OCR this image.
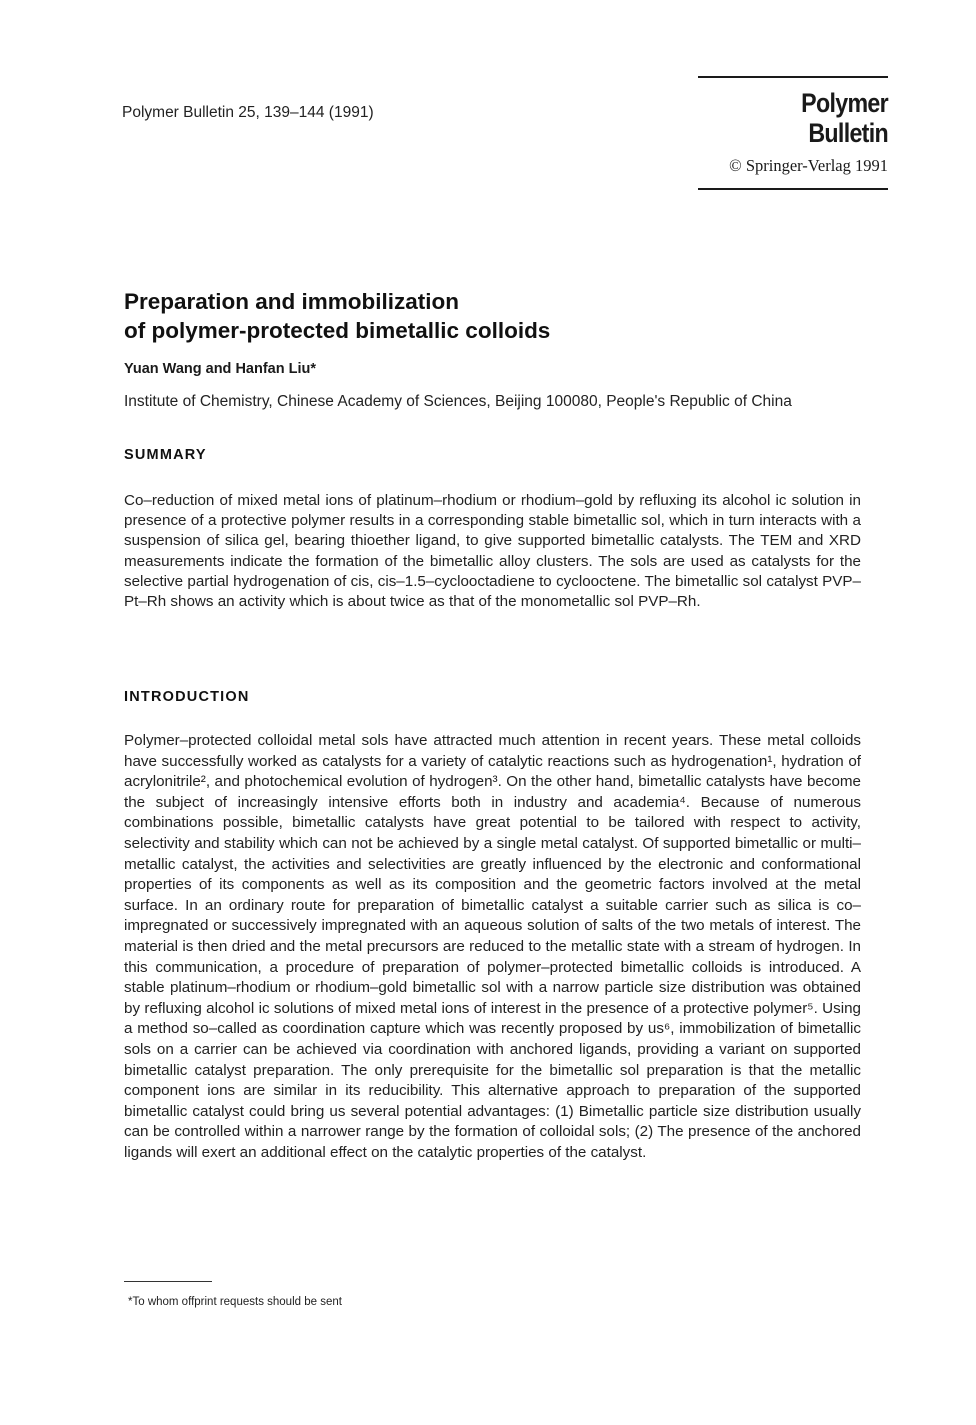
Polymer Bulletin 25, 139–144 (1991)	Polymer Bulletin
© Springer-Verlag 1991
Preparation and immobilization
of polymer-protected bimetallic colloids
Yuan Wang and Hanfan Liu*
Institute of Chemistry, Chinese Academy of Sciences, Beijing 100080, People's Republic of China
SUMMARY

Co–reduction of mixed metal ions of platinum–rhodium or rhodium–gold by refluxing its alcohol ic solution in presence of a protective polymer results in a corresponding stable bimetallic sol, which in turn interacts with a suspension of silica gel, bearing thioether ligand, to give supported bimetallic catalysts. The TEM and XRD measurements indicate the formation of the bimetallic alloy clusters. The sols are used as catalysts for the selective partial hydrogenation of cis, cis–1.5–cyclooctadiene to cyclooctene. The bimetallic sol catalyst PVP–Pt–Rh shows an activity which is about twice as that of the monometallic sol PVP–Rh.

INTRODUCTION

Polymer–protected colloidal metal sols have attracted much attention in recent years. These metal colloids have successfully worked as catalysts for a variety of catalytic reactions such as hydrogenation¹, hydration of acrylonitrile², and photochemical evolution of hydrogen³. On the other hand, bimetallic catalysts have become the subject of increasingly intensive efforts both in industry and academia⁴. Because of numerous combinations possible, bimetallic catalysts have great potential to be tailored with respect to activity, selectivity and stability which can not be achieved by a single metal catalyst. Of supported bimetallic or multi–metallic catalyst, the activities and selectivities are greatly influenced by the electronic and conformational properties of its components as well as its composition and the geometric factors involved at the metal surface. In an ordinary route for preparation of bimetallic catalyst a suitable carrier such as silica is co–impregnated or successively impregnated with an aqueous solution of salts of the two metals of interest. The material is then dried and the metal precursors are reduced to the metallic state with a stream of hydrogen. In this communication, a procedure of preparation of polymer–protected bimetallic colloids is introduced. A stable platinum–rhodium or rhodium–gold bimetallic sol with a narrow particle size distribution was obtained by refluxing alcohol ic solutions of mixed metal ions of interest in the presence of a protective polymer⁵. Using a method so–called as coordination capture which was recently proposed by us⁶, immobilization of bimetallic sols on a carrier can be achieved via coordination with anchored ligands, providing a variant on supported bimetallic catalyst preparation. The only prerequisite for the bimetallic sol preparation is that the metallic component ions are similar in its reducibility. This alternative approach to preparation of the supported bimetallic catalyst could bring us several potential advantages: (1) Bimetallic particle size distribution usually can be controlled within a narrower range by the formation of colloidal sols; (2) The presence of the anchored ligands will exert an additional effect on the catalytic properties of the catalyst.

*To whom offprint requests should be sent
